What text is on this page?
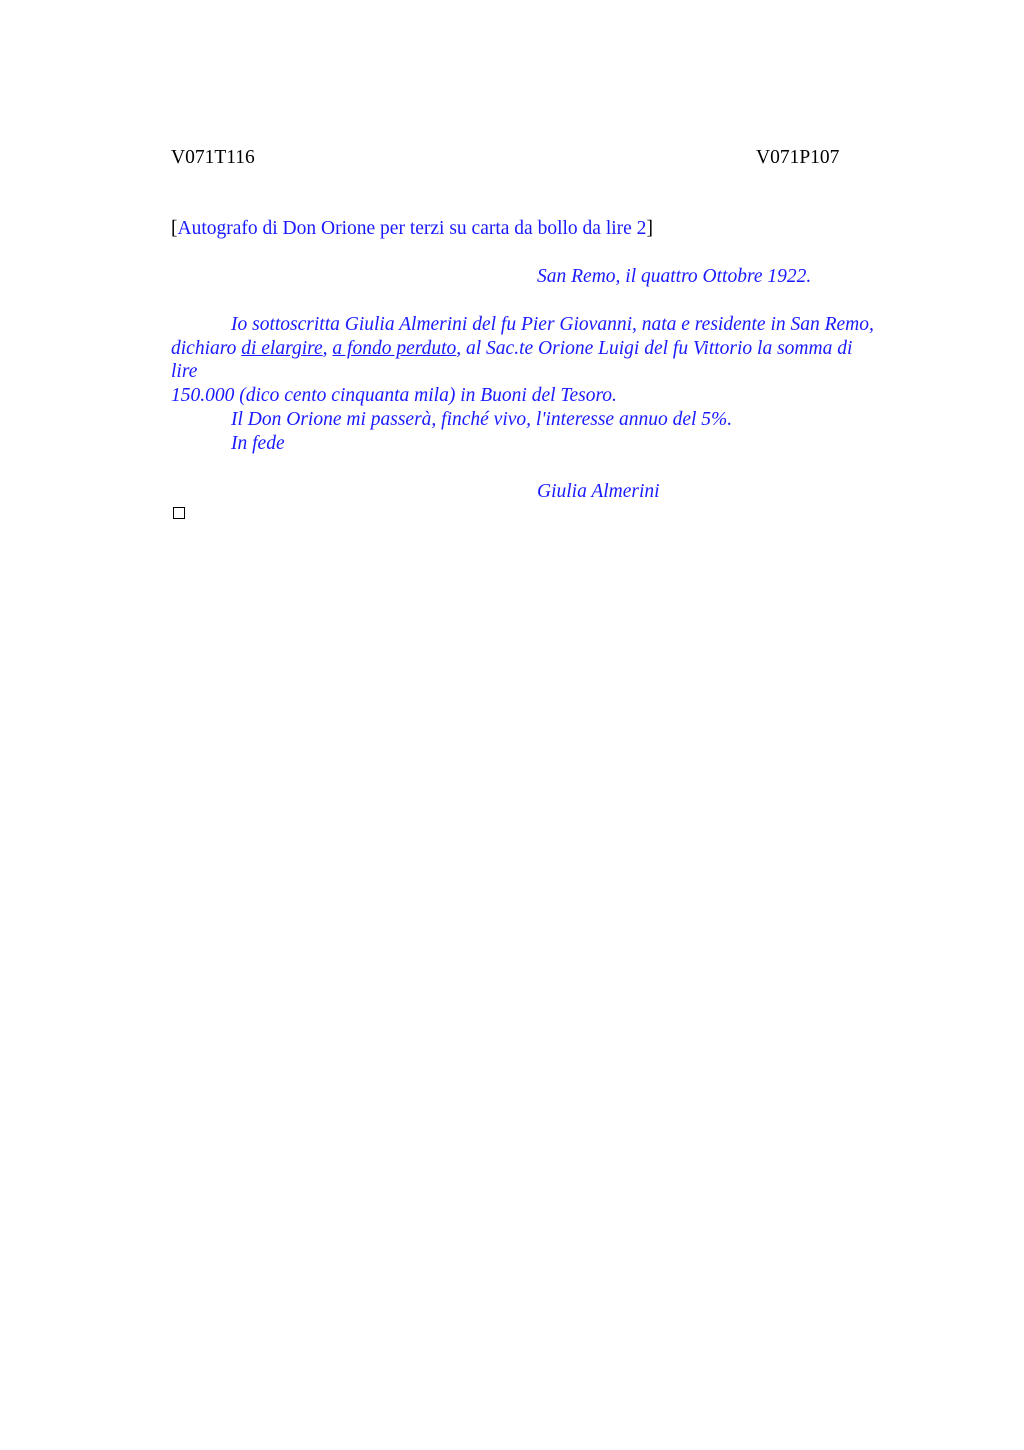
V071T116	V071P107
[Autografo di Don Orione per terzi su carta da bollo da lire 2]
San Remo, il quattro Ottobre 1922.
Io sottoscritta Giulia Almerini del fu Pier Giovanni, nata e residente in San Remo,
dichiaro di elargire, a fondo perduto, al Sac.te Orione Luigi del fu Vittorio la somma di
lire
150.000 (dico cento cinquanta mila) in Buoni del Tesoro.
Il Don Orione mi passerà, finché vivo, l'interesse annuo del 5%.
In fede
Giulia Almerini
